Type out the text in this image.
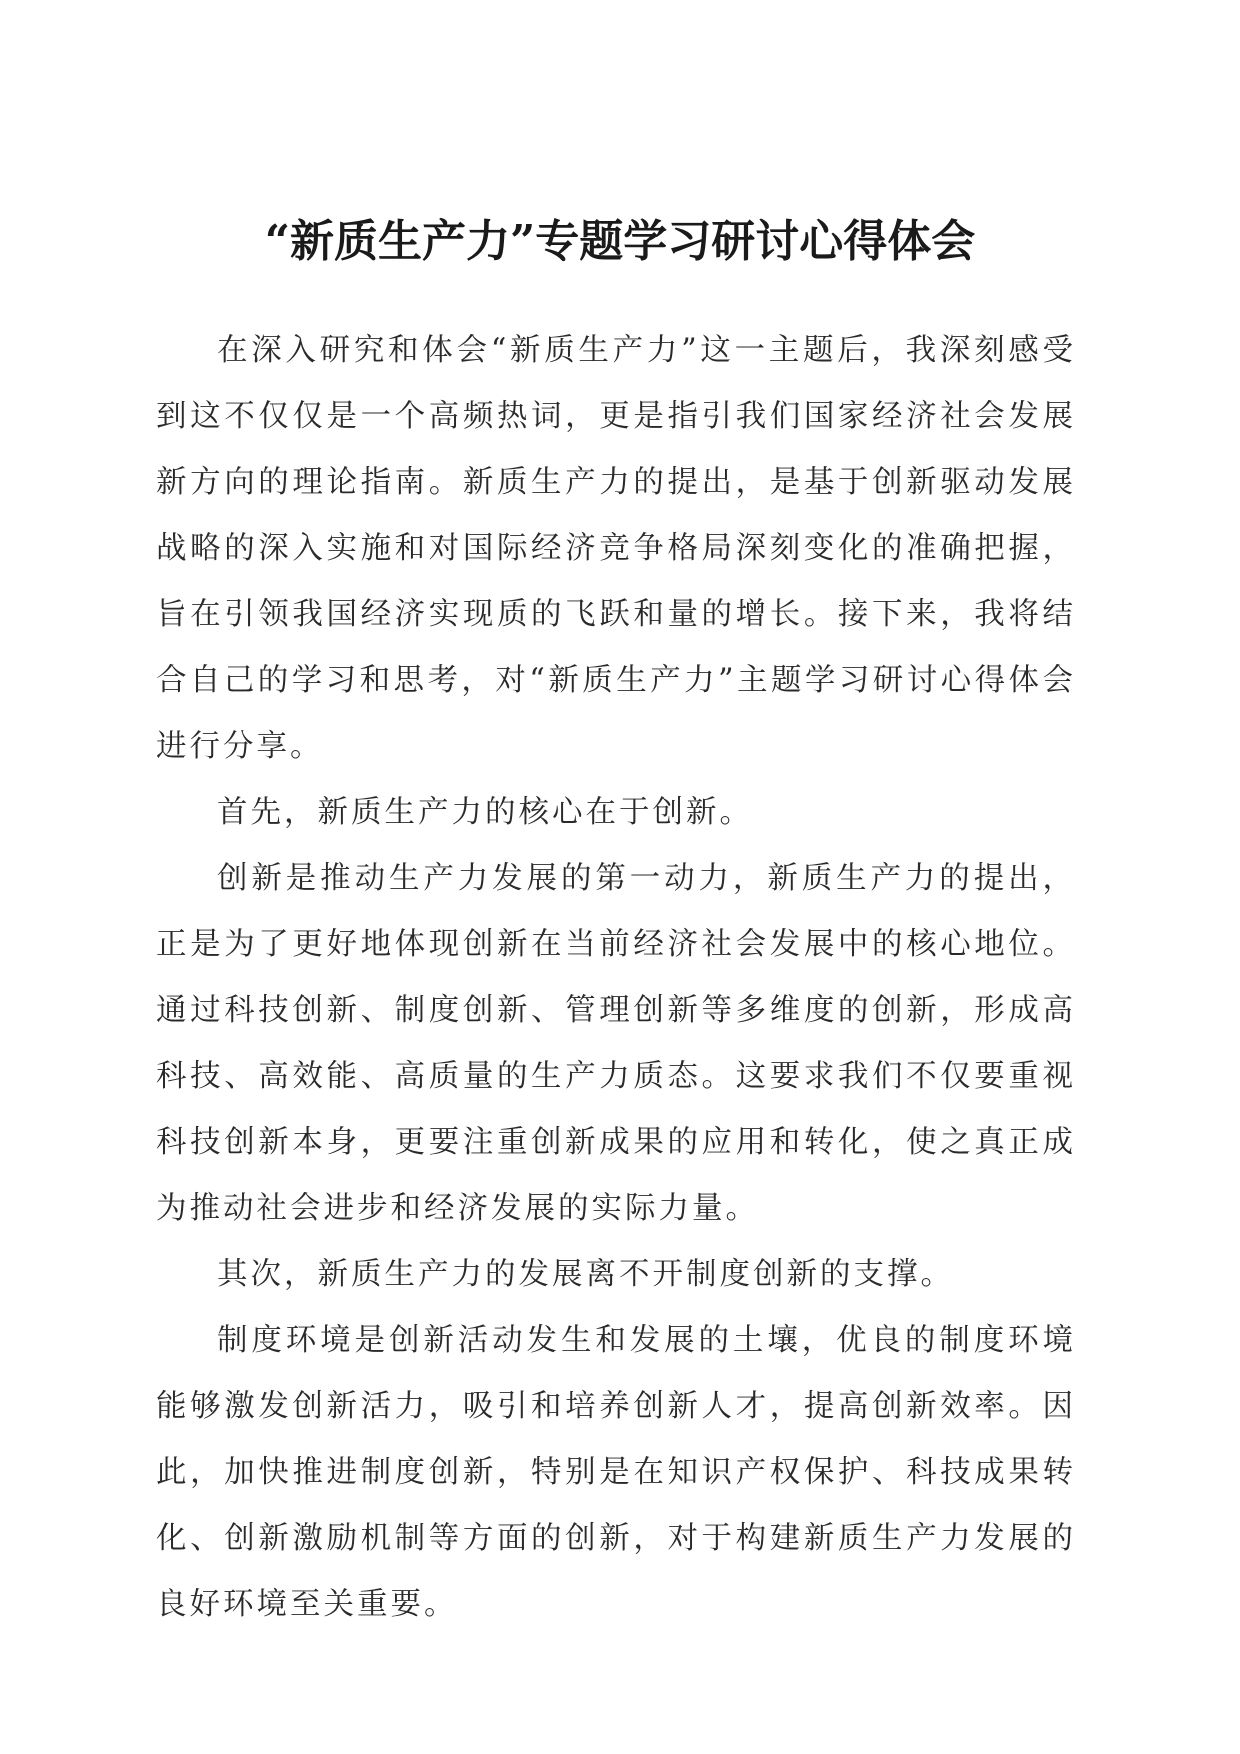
“新质生产力”专题学习研讨心得体会

在深入研究和体会“新质生产力”这一主题后，我深刻感受到这不仅仅是一个高频热词，更是指引我们国家经济社会发展新方向的理论指南。新质生产力的提出，是基于创新驱动发展战略的深入实施和对国际经济竞争格局深刻变化的准确把握，旨在引领我国经济实现质的飞跃和量的增长。接下来，我将结合自己的学习和思考，对“新质生产力”主题学习研讨心得体会进行分享。

首先，新质生产力的核心在于创新。

创新是推动生产力发展的第一动力，新质生产力的提出，正是为了更好地体现创新在当前经济社会发展中的核心地位。通过科技创新、制度创新、管理创新等多维度的创新，形成高科技、高效能、高质量的生产力质态。这要求我们不仅要重视科技创新本身，更要注重创新成果的应用和转化，使之真正成为推动社会进步和经济发展的实际力量。

其次，新质生产力的发展离不开制度创新的支撑。

制度环境是创新活动发生和发展的土壤，优良的制度环境能够激发创新活力，吸引和培养创新人才，提高创新效率。因此，加快推进制度创新，特别是在知识产权保护、科技成果转化、创新激励机制等方面的创新，对于构建新质生产力发展的良好环境至关重要。
